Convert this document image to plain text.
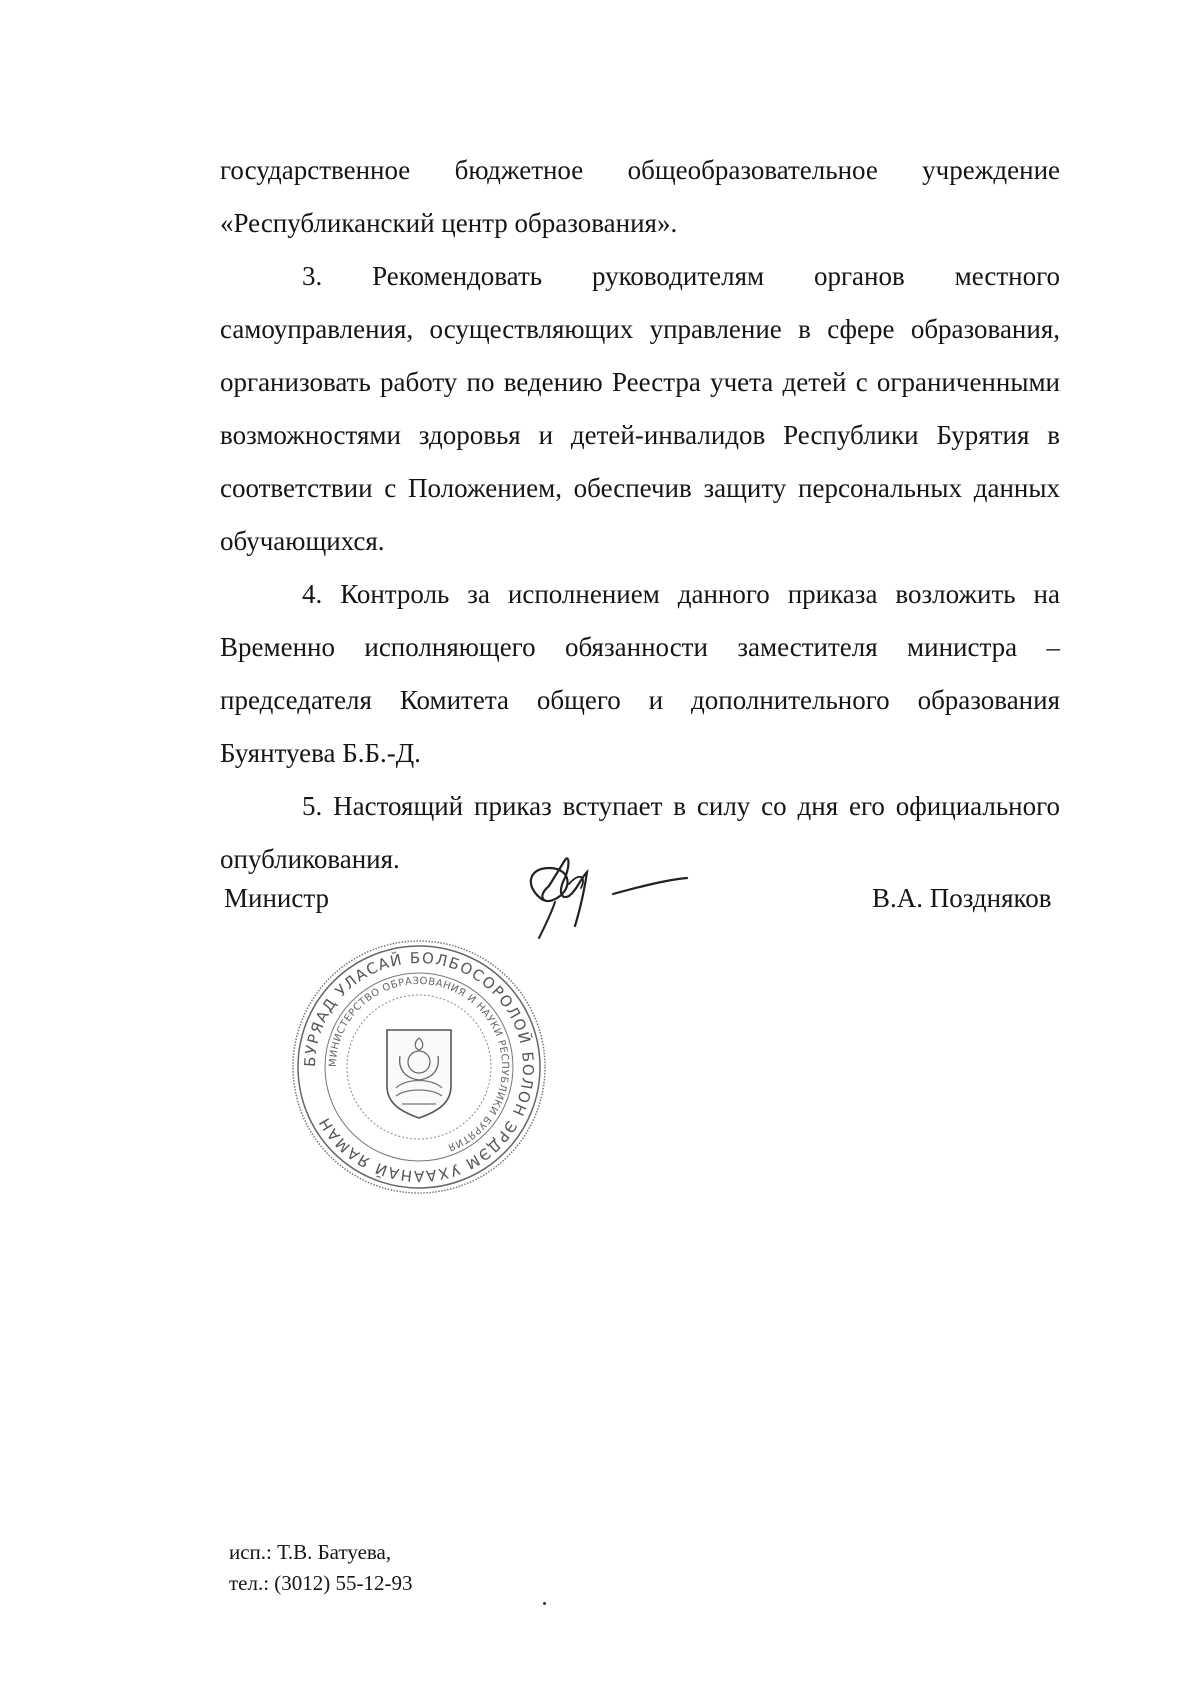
государственное бюджетное общеобразовательное учреждение «Республиканский центр образования».

3. Рекомендовать руководителям органов местного самоуправления, осуществляющих управление в сфере образования, организовать работу по ведению Реестра учета детей с ограниченными возможностями здоровья и детей-инвалидов Республики Бурятия в соответствии с Положением, обеспечив защиту персональных данных обучающихся.

4. Контроль за исполнением данного приказа возложить на Временно исполняющего обязанности заместителя министра – председателя Комитета общего и дополнительного образования Буянтуева Б.Б.-Д.

5. Настоящий приказ вступает в силу со дня его официального опубликования.

Министр	В.А. Поздняков
БУРЯАД УЛАСАЙ БОЛБОСОРОЛОЙ БОЛОН ЭРДЭМ УХААНАЙ ЯАМАН
МИНИСТЕРСТВО ОБРАЗОВАНИЯ И НАУКИ РЕСПУБЛИКИ БУРЯТИЯ
исп.: Т.В. Батуева,
тел.: (3012) 55-12-93
